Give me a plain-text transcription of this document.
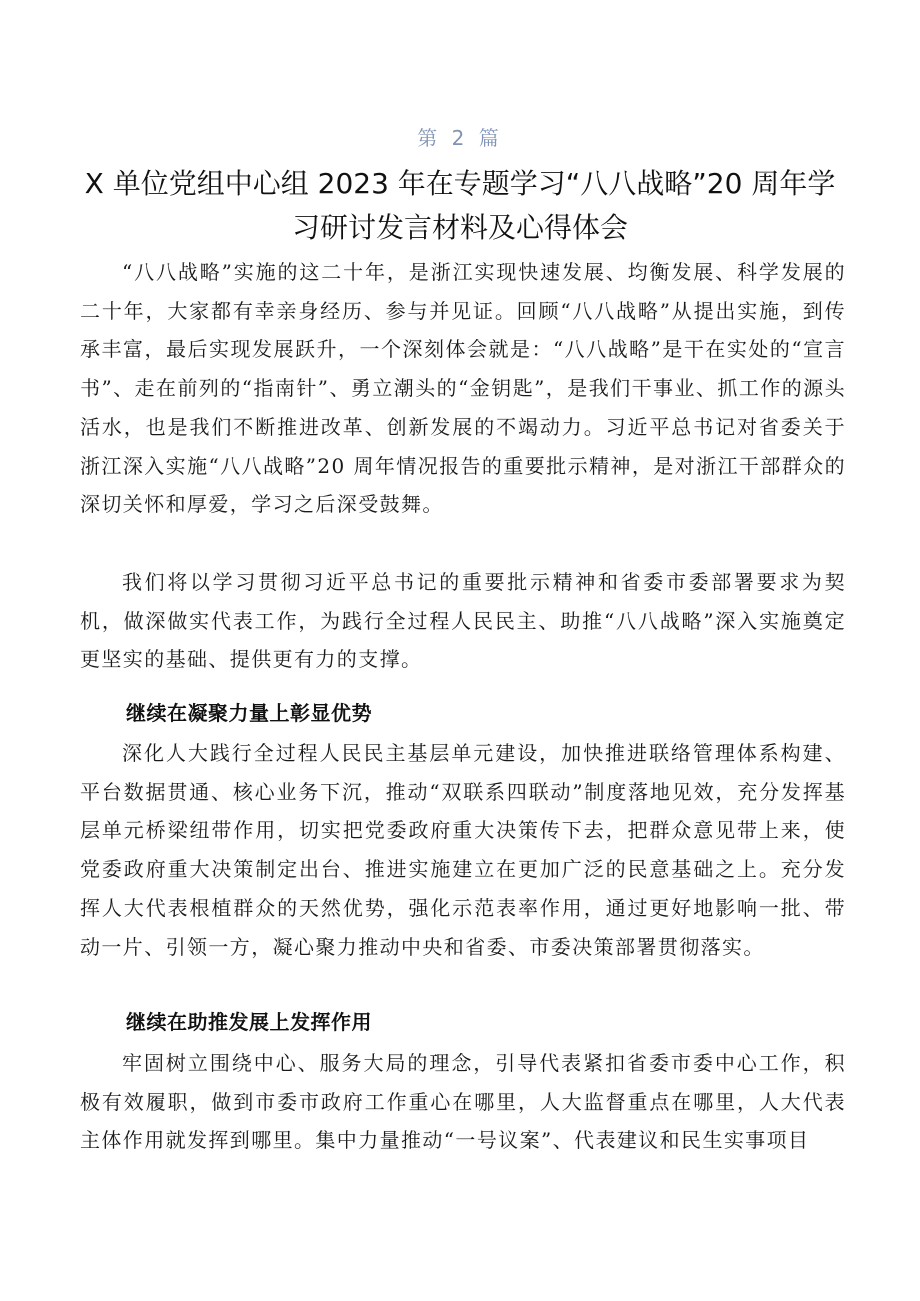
第 2 篇
X 单位党组中心组 2023 年在专题学习“八八战略”20 周年学习研讨发言材料及心得体会

“八八战略”实施的这二十年，是浙江实现快速发展、均衡发展、科学发展的二十年，大家都有幸亲身经历、参与并见证。回顾“八八战略”从提出实施，到传承丰富，最后实现发展跃升，一个深刻体会就是：“八八战略”是干在实处的“宣言书”、走在前列的“指南针”、勇立潮头的“金钥匙”，是我们干事业、抓工作的源头活水，也是我们不断推进改革、创新发展的不竭动力。习近平总书记对省委关于浙江深入实施“八八战略”20 周年情况报告的重要批示精神，是对浙江干部群众的深切关怀和厚爱，学习之后深受鼓舞。

我们将以学习贯彻习近平总书记的重要批示精神和省委市委部署要求为契机，做深做实代表工作，为践行全过程人民民主、助推“八八战略”深入实施奠定更坚实的基础、提供更有力的支撑。

继续在凝聚力量上彰显优势

深化人大践行全过程人民民主基层单元建设，加快推进联络管理体系构建、平台数据贯通、核心业务下沉，推动“双联系四联动”制度落地见效，充分发挥基层单元桥梁纽带作用，切实把党委政府重大决策传下去，把群众意见带上来，使党委政府重大决策制定出台、推进实施建立在更加广泛的民意基础之上。充分发挥人大代表根植群众的天然优势，强化示范表率作用，通过更好地影响一批、带动一片、引领一方，凝心聚力推动中央和省委、市委决策部署贯彻落实。

继续在助推发展上发挥作用

牢固树立围绕中心、服务大局的理念，引导代表紧扣省委市委中心工作，积极有效履职，做到市委市政府工作重心在哪里，人大监督重点在哪里，人大代表主体作用就发挥到哪里。集中力量推动“一号议案”、代表建议和民生实事项目
